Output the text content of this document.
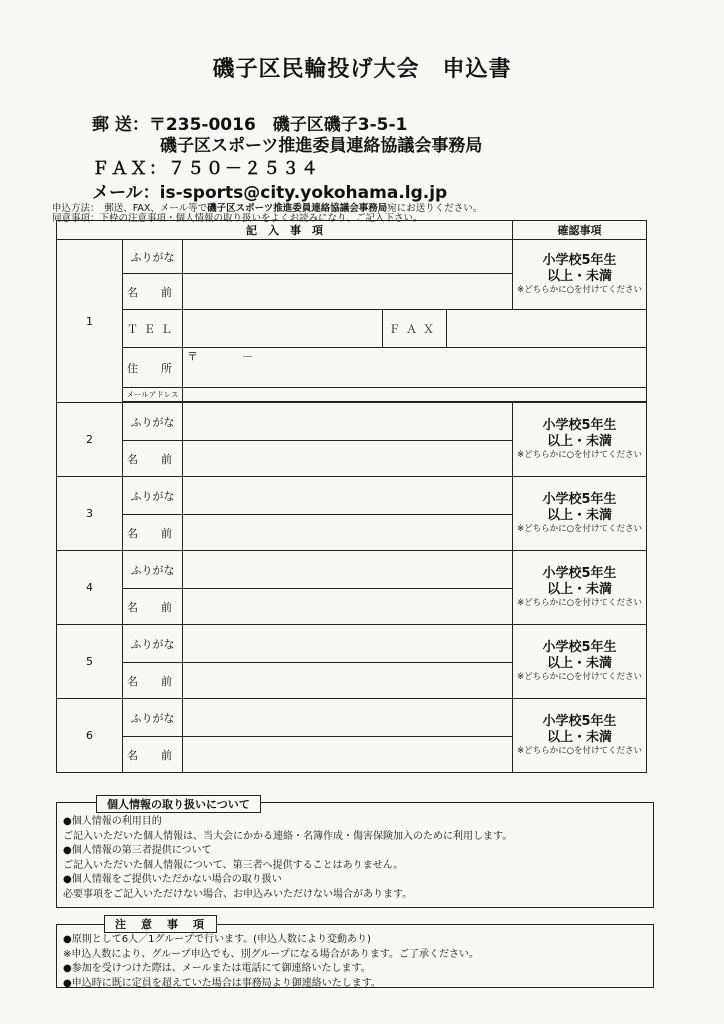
磯子区民輪投げ大会　申込書
郵 送：〒235-0016　磯子区磯子3-5-1
磯子区スポーツ推進委員連絡協議会事務局
ＦＡＸ：７５０－２５３４
メール：is-sports@city.yokohama.lg.jp
申込方法：　郵送、FAX、メール等で磯子区スポーツ推進委員連絡協議会事務局宛にお送りください。
同意事項：下枠の注意事項・個人情報の取り扱いをよくお読みになり、ご記入下さい。
記　入　事　項					確認事項
1	ふりがな				小学校5年生
以上・未満
※どちらかに○を付けてください

	名　前				
	ＴＥＬ		ＦＡＸ		
	住　所	〒　　　　－			
	メールアドレス				

2	ふりがな				小学校5年生
以上・未満
※どちらかに○を付けてください

	名　前				
3	ふりがな				小学校5年生
以上・未満
※どちらかに○を付けてください

	名　前				
4	ふりがな				小学校5年生
以上・未満
※どちらかに○を付けてください

	名　前				
5	ふりがな				小学校5年生
以上・未満
※どちらかに○を付けてください

	名　前				
6	ふりがな				小学校5年生
以上・未満
※どちらかに○を付けてください

	名　前				
●個人情報の利用目的
ご記入いただいた個人情報は、当大会にかかる連絡・名簿作成・傷害保険加入のために利用します。
●個人情報の第三者提供について
ご記入いただいた個人情報について、第三者へ提供することはありません。
●個人情報をご提供いただかない場合の取り扱い
必要事項をご記入いただけない場合、お申込みいただけない場合があります。
個人情報の取り扱いについて
●原則として6人／1グループで行います。(申込人数により変動あり)
※申込人数により、グループ申込でも、別グループになる場合があります。ご了承ください。
●参加を受けつけた際は、メールまたは電話にて御連絡いたします。
●申込時に既に定員を超えていた場合は事務局より御連絡いたします。
注　意　事　項
